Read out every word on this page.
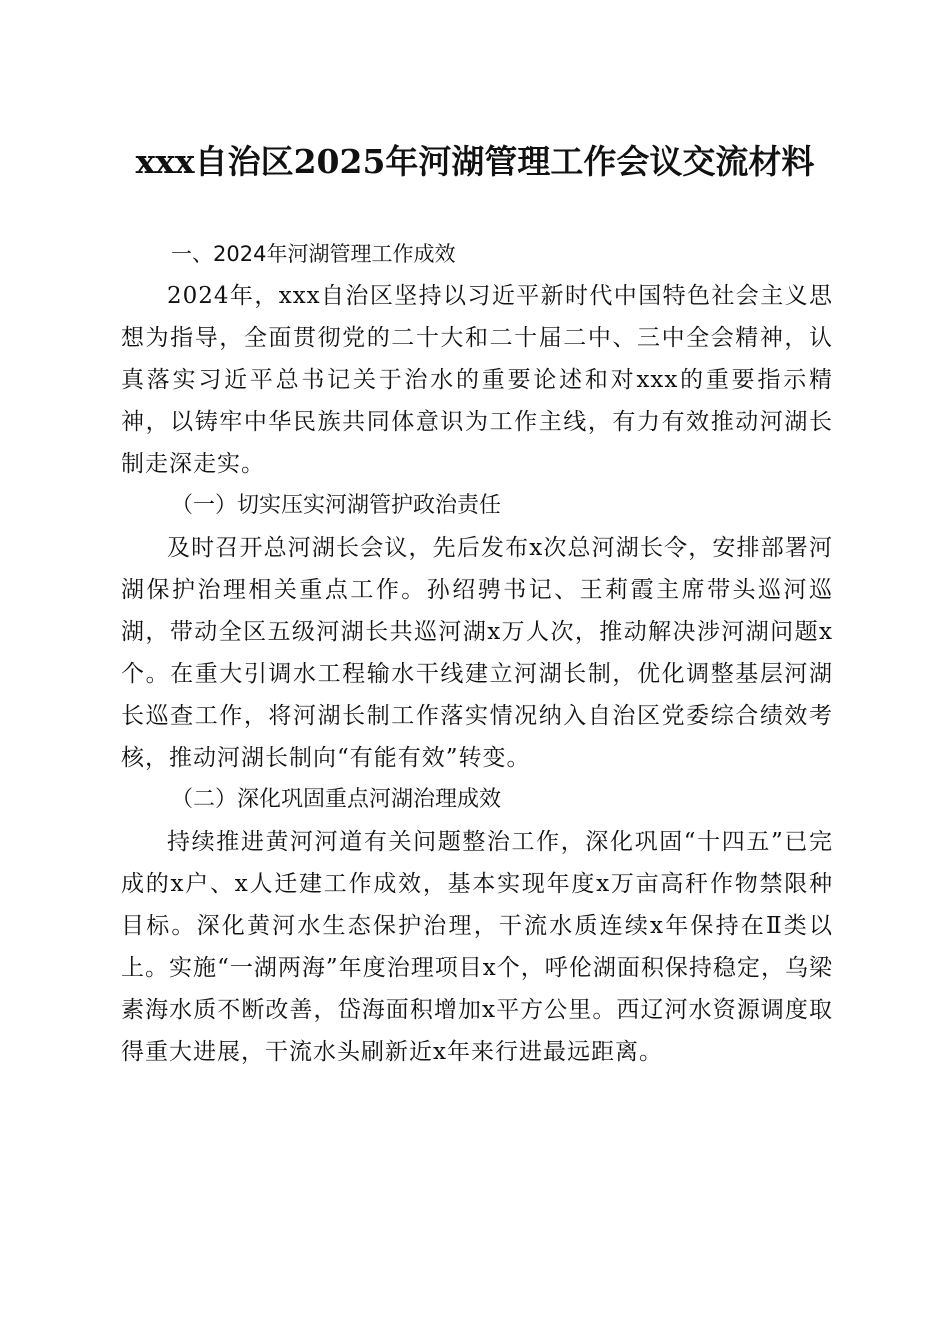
xxx自治区2025年河湖管理工作会议交流材料
一、2024年河湖管理工作成效

2024年，xxx自治区坚持以习近平新时代中国特色社会主义思想为指导，全面贯彻党的二十大和二十届二中、三中全会精神，认真落实习近平总书记关于治水的重要论述和对xxx的重要指示精神，以铸牢中华民族共同体意识为工作主线，有力有效推动河湖长制走深走实。

（一）切实压实河湖管护政治责任

及时召开总河湖长会议，先后发布x次总河湖长令，安排部署河湖保护治理相关重点工作。孙绍骋书记、王莉霞主席带头巡河巡湖，带动全区五级河湖长共巡河湖x万人次，推动解决涉河湖问题x个。在重大引调水工程输水干线建立河湖长制，优化调整基层河湖长巡查工作，将河湖长制工作落实情况纳入自治区党委综合绩效考核，推动河湖长制向“有能有效”转变。

（二）深化巩固重点河湖治理成效

持续推进黄河河道有关问题整治工作，深化巩固“十四五”已完成的x户、x人迁建工作成效，基本实现年度x万亩高秆作物禁限种目标。深化黄河水生态保护治理，干流水质连续x年保持在Ⅱ类以上。实施“一湖两海”年度治理项目x个，呼伦湖面积保持稳定，乌梁素海水质不断改善，岱海面积增加x平方公里。西辽河水资源调度取得重大进展，干流水头刷新近x年来行进最远距离。
